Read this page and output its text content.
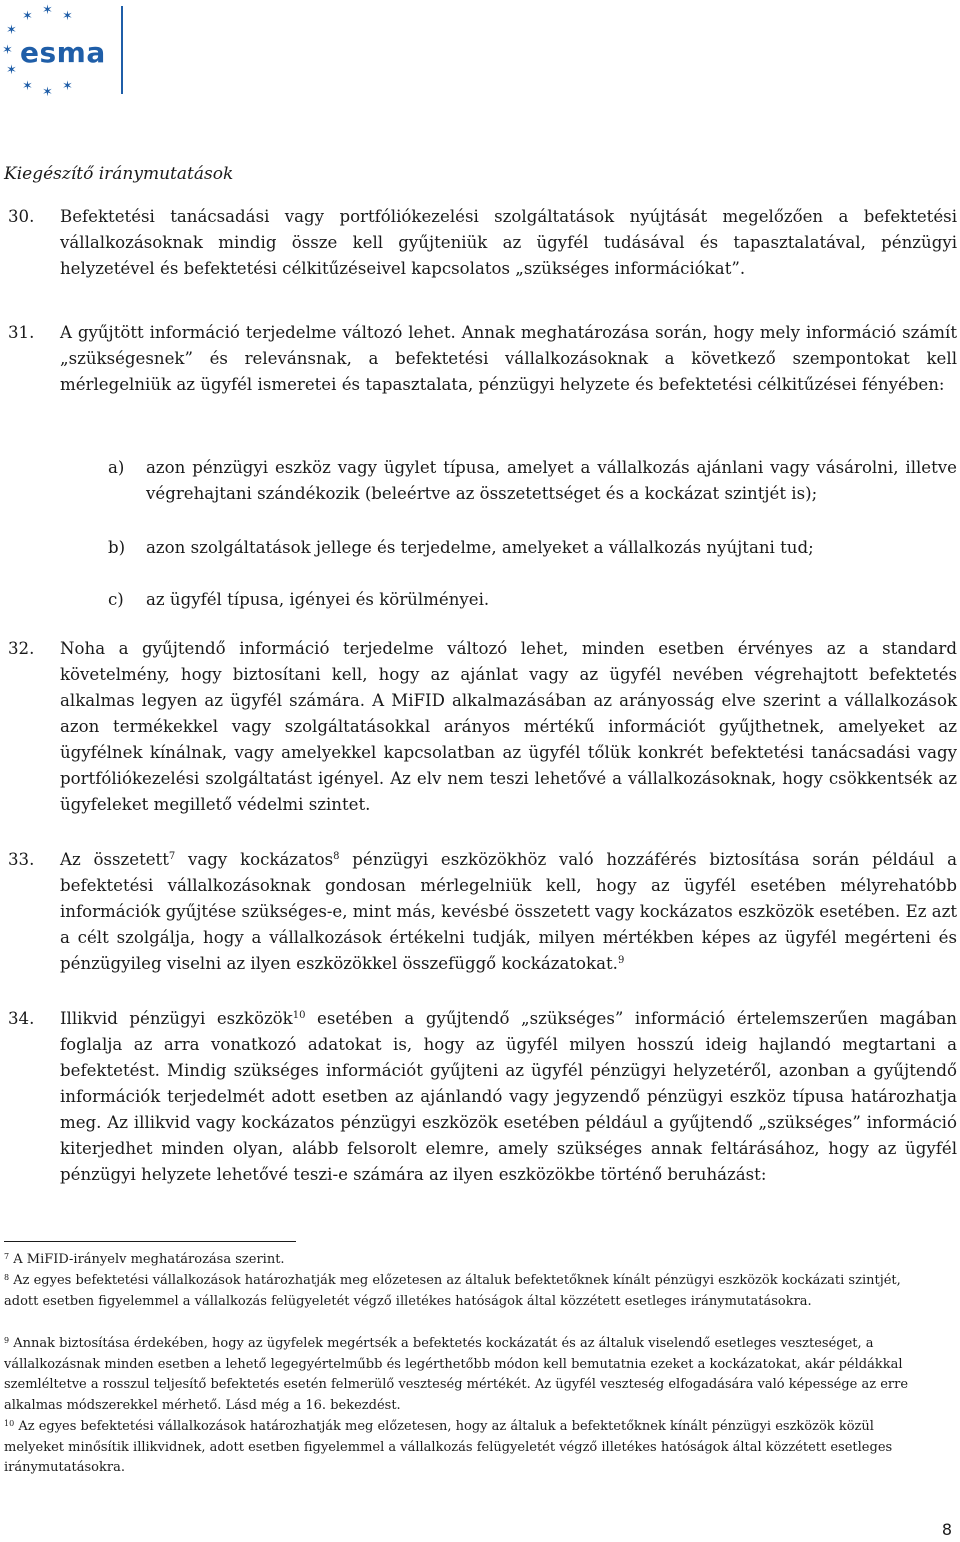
✶ ✶ ✶
✶
✶
✶
✶ ✶ ✶
esma
Kiegészítő iránymutatások

30. Befektetési tanácsadási vagy portfóliókezelési szolgáltatások nyújtását megelőzően a befektetési vállalkozásoknak mindig össze kell gyűjteniük az ügyfél tudásával és tapasztalatával, pénzügyi helyzetével és befektetési célkitűzéseivel kapcsolatos „szükséges információkat”.

31. A gyűjtött információ terjedelme változó lehet. Annak meghatározása során, hogy mely információ számít „szükségesnek” és relevánsnak, a befektetési vállalkozásoknak a következő szempontokat kell mérlegelniük az ügyfél ismeretei és tapasztalata, pénzügyi helyzete és befektetési célkitűzései fényében:

a) azon pénzügyi eszköz vagy ügylet típusa, amelyet a vállalkozás ajánlani vagy vásárolni, illetve végrehajtani szándékozik (beleértve az összetettséget és a kockázat szintjét is);

b) azon szolgáltatások jellege és terjedelme, amelyeket a vállalkozás nyújtani tud;

c) az ügyfél típusa, igényei és körülményei.

32. Noha a gyűjtendő információ terjedelme változó lehet, minden esetben érvényes az a standard követelmény, hogy biztosítani kell, hogy az ajánlat vagy az ügyfél nevében végrehajtott befektetés alkalmas legyen az ügyfél számára. A MiFID alkalmazásában az arányosság elve szerint a vállalkozások azon termékekkel vagy szolgáltatásokkal arányos mértékű információt gyűjthetnek, amelyeket az ügyfélnek kínálnak, vagy amelyekkel kapcsolatban az ügyfél tőlük konkrét befektetési tanácsadási vagy portfóliókezelési szolgáltatást igényel. Az elv nem teszi lehetővé a vállalkozásoknak, hogy csökkentsék az ügyfeleket megillető védelmi szintet.

33. Az összetett$^7$ vagy kockázatos$^8$ pénzügyi eszközökhöz való hozzáférés biztosítása során például a befektetési vállalkozásoknak gondosan mérlegelniük kell, hogy az ügyfél esetében mélyrehatóbb információk gyűjtése szükséges-e, mint más, kevésbé összetett vagy kockázatos eszközök esetében. Ez azt a célt szolgálja, hogy a vállalkozások értékelni tudják, milyen mértékben képes az ügyfél megérteni és pénzügyileg viselni az ilyen eszközökkel összefüggő kockázatokat.$^9$

34. Illikvid pénzügyi eszközök$^{10}$ esetében a gyűjtendő „szükséges” információ értelemszerűen magában foglalja az arra vonatkozó adatokat is, hogy az ügyfél milyen hosszú ideig hajlandó megtartani a befektetést. Mindig szükséges információt gyűjteni az ügyfél pénzügyi helyzetéről, azonban a gyűjtendő információk terjedelmét adott esetben az ajánlandó vagy jegyzendő pénzügyi eszköz típusa határozhatja meg. Az illikvid vagy kockázatos pénzügyi eszközök esetében például a gyűjtendő „szükséges” információ kiterjedhet minden olyan, alább felsorolt elemre, amely szükséges annak feltárásához, hogy az ügyfél pénzügyi helyzete lehetővé teszi-e számára az ilyen eszközökbe történő beruházást:

$^7$ A MiFID-irányelv meghatározása szerint.

$^8$ Az egyes befektetési vállalkozások határozhatják meg előzetesen az általuk befektetőknek kínált pénzügyi eszközök kockázati szintjét, adott esetben figyelemmel a vállalkozás felügyeletét végző illetékes hatóságok által közzétett esetleges iránymutatásokra.

$^9$ Annak biztosítása érdekében, hogy az ügyfelek megértsék a befektetés kockázatát és az általuk viselendő esetleges veszteséget, a vállalkozásnak minden esetben a lehető legegyértelműbb és legérthetőbb módon kell bemutatnia ezeket a kockázatokat, akár példákkal szemléltetve a rosszul teljesítő befektetés esetén felmerülő veszteség mértékét. Az ügyfél veszteség elfogadására való képessége az erre alkalmas módszerekkel mérhető. Lásd még a 16. bekezdést.

$^{10}$ Az egyes befektetési vállalkozások határozhatják meg előzetesen, hogy az általuk a befektetőknek kínált pénzügyi eszközök közül melyeket minősítik illikvidnek, adott esetben figyelemmel a vállalkozás felügyeletét végző illetékes hatóságok által közzétett esetleges iránymutatásokra.

8
